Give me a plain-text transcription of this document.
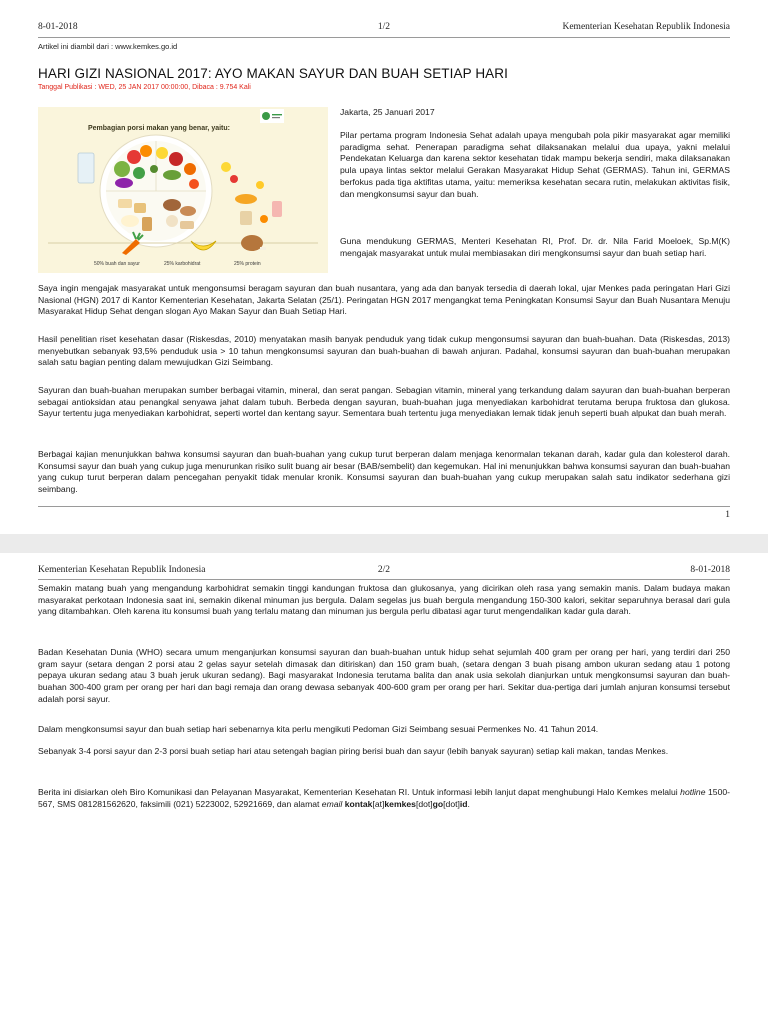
8-01-2018	1/2	Kementerian Kesehatan Republik Indonesia
Artikel ini diambil dari : www.kemkes.go.id
HARI GIZI NASIONAL 2017: AYO MAKAN SAYUR DAN BUAH SETIAP HARI
Tanggal Publikasi : WED, 25 JAN 2017 00:00:00, Dibaca : 9.754 Kali
Pembagian porsi makan yang benar, yaitu:
50% buah dan sayur	25% karbohidrat	25% protein

Jakarta, 25 Januari 2017

Pilar pertama program Indonesia Sehat adalah upaya mengubah pola pikir masyarakat agar memiliki paradigma sehat. Penerapan paradigma sehat dilaksanakan melalui dua upaya, yakni melalui Pendekatan Keluarga dan karena sektor kesehatan tidak mampu bekerja sendiri, maka dilaksanakan pula upaya lintas sektor melalui Gerakan Masyarakat Hidup Sehat (GERMAS). Tahun ini, GERMAS berfokus pada tiga aktifitas utama, yaitu: memeriksa kesehatan secara rutin, melakukan aktivitas fisik, dan mengkonsumsi sayur dan buah.

Guna mendukung GERMAS, Menteri Kesehatan RI, Prof. Dr. dr. Nila Farid Moeloek, Sp.M(K) mengajak masyarakat untuk mulai membiasakan diri mengkonsumsi sayur dan buah setiap hari.

Saya ingin mengajak masyarakat untuk mengonsumsi beragam sayuran dan buah nusantara, yang ada dan banyak tersedia di daerah lokal, ujar Menkes pada peringatan Hari Gizi Nasional (HGN) 2017 di Kantor Kementerian Kesehatan, Jakarta Selatan (25/1). Peringatan HGN 2017 mengangkat tema Peningkatan Konsumsi Sayur dan Buah Nusantara Menuju Masyarakat Hidup Sehat dengan slogan Ayo Makan Sayur dan Buah Setiap Hari.

Hasil penelitian riset kesehatan dasar (Riskesdas, 2010) menyatakan masih banyak penduduk yang tidak cukup mengonsumsi sayuran dan buah-buahan. Data (Riskesdas, 2013) menyebutkan sebanyak 93,5% penduduk usia > 10 tahun mengkonsumsi sayuran dan buah-buahan di bawah anjuran. Padahal, konsumsi sayuran dan buah-buahan merupakan salah satu bagian penting dalam mewujudkan Gizi Seimbang.

Sayuran dan buah-buahan merupakan sumber berbagai vitamin, mineral, dan serat pangan. Sebagian vitamin, mineral yang terkandung dalam sayuran dan buah-buahan berperan sebagai antioksidan atau penangkal senyawa jahat dalam tubuh. Berbeda dengan sayuran, buah-buahan juga menyediakan karbohidrat terutama berupa fruktosa dan glukosa. Sayur tertentu juga menyediakan karbohidrat, seperti wortel dan kentang sayur. Sementara buah tertentu juga menyediakan lemak tidak jenuh seperti buah alpukat dan buah merah.

Berbagai kajian menunjukkan bahwa konsumsi sayuran dan buah-buahan yang cukup turut berperan dalam menjaga kenormalan tekanan darah, kadar gula dan kolesterol darah. Konsumsi sayur dan buah yang cukup juga menurunkan risiko sulit buang air besar (BAB/sembelit) dan kegemukan. Hal ini menunjukkan bahwa konsumsi sayuran dan buah-buahan yang cukup turut berperan dalam pencegahan penyakit tidak menular kronik. Konsumsi sayuran dan buah-buahan yang cukup merupakan salah satu indikator sederhana gizi seimbang.

1
Kementerian Kesehatan Republik Indonesia	2/2	8-01-2018

Semakin matang buah yang mengandung karbohidrat semakin tinggi kandungan fruktosa dan glukosanya, yang dicirikan oleh rasa yang semakin manis. Dalam budaya makan masyarakat perkotaan Indonesia saat ini, semakin dikenal minuman jus bergula. Dalam segelas jus buah bergula mengandung 150-300 kalori, sekitar separuhnya berasal dari gula yang ditambahkan. Oleh karena itu konsumsi buah yang terlalu matang dan minuman jus bergula perlu dibatasi agar turut mengendalikan kadar gula darah.

Badan Kesehatan Dunia (WHO) secara umum menganjurkan konsumsi sayuran dan buah-buahan untuk hidup sehat sejumlah 400 gram per orang per hari, yang terdiri dari 250 gram sayur (setara dengan 2 porsi atau 2 gelas sayur setelah dimasak dan ditiriskan) dan 150 gram buah, (setara dengan 3 buah pisang ambon ukuran sedang atau 1 potong pepaya ukuran sedang atau 3 buah jeruk ukuran sedang). Bagi masyarakat Indonesia terutama balita dan anak usia sekolah dianjurkan untuk mengkonsumsi sayuran dan buah-buahan 300-400 gram per orang per hari dan bagi remaja dan orang dewasa sebanyak 400-600 gram per orang per hari. Sekitar dua-pertiga dari jumlah anjuran konsumsi tersebut adalah porsi sayur.

Dalam mengkonsumsi sayur dan buah setiap hari sebenarnya kita perlu mengikuti Pedoman Gizi Seimbang sesuai Permenkes No. 41 Tahun 2014.

Sebanyak 3-4 porsi sayur dan 2-3 porsi buah setiap hari atau setengah bagian piring berisi buah dan sayur (lebih banyak sayuran) setiap kali makan, tandas Menkes.

Berita ini disiarkan oleh Biro Komunikasi dan Pelayanan Masyarakat, Kementerian Kesehatan RI. Untuk informasi lebih lanjut dapat menghubungi Halo Kemkes melalui hotline 1500-567, SMS 081281562620, faksimili (021) 5223002, 52921669, dan alamat email kontak[at]kemkes[dot]go[dot]id.
